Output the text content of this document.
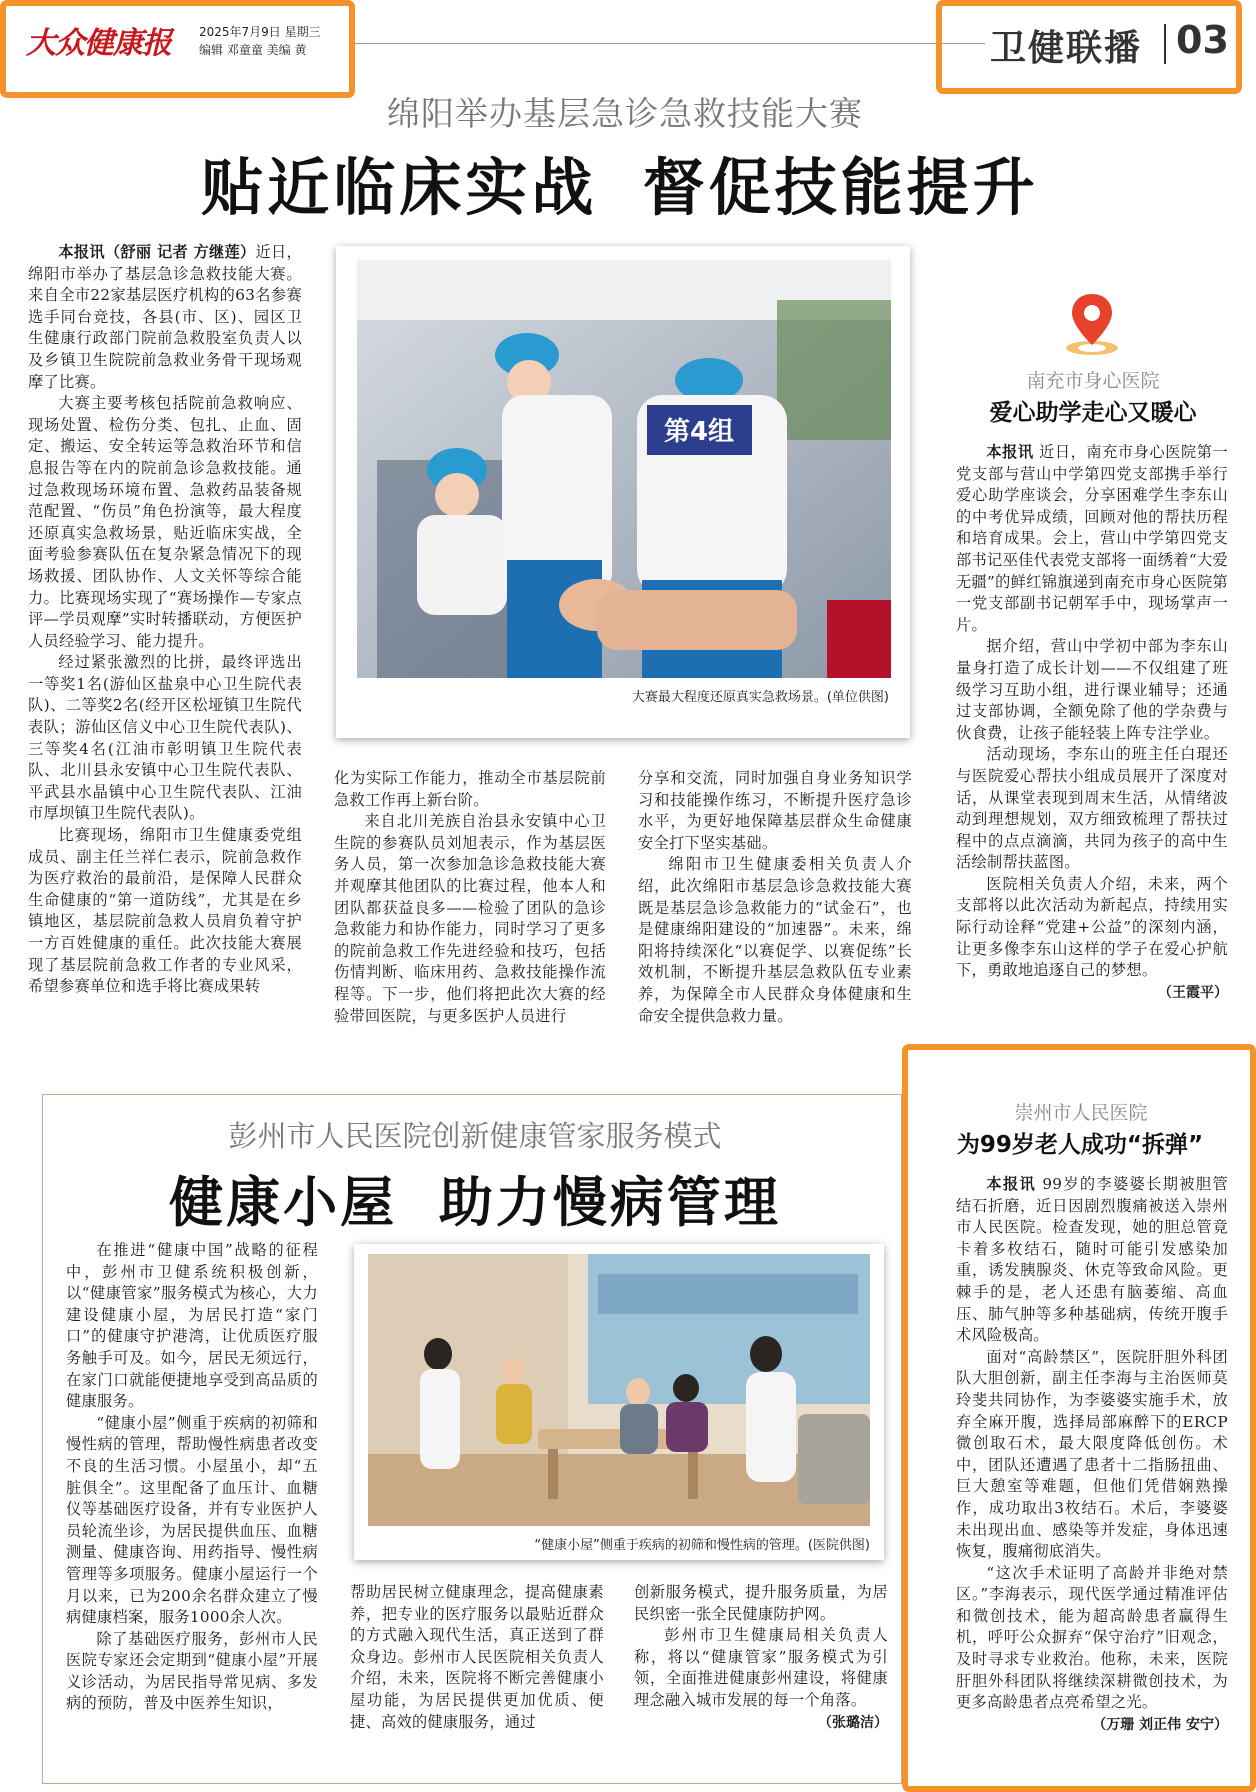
大众健康报	2025年7月9日 星期三
编辑 邓童童 美编 黄	卫健联播 03
绵阳举办基层急诊急救技能大赛
贴近临床实战 督促技能提升

本报讯（舒丽 记者 方继莲）近日，绵阳市举办了基层急诊急救技能大赛。来自全市22家基层医疗机构的63名参赛选手同台竞技，各县(市、区)、园区卫生健康行政部门院前急救股室负责人以及乡镇卫生院院前急救业务骨干现场观摩了比赛。

大赛主要考核包括院前急救响应、现场处置、检伤分类、包扎、止血、固定、搬运、安全转运等急救治环节和信息报告等在内的院前急诊急救技能。通过急救现场环境布置、急救药品装备规范配置、“伤员”角色扮演等，最大程度还原真实急救场景，贴近临床实战，全面考验参赛队伍在复杂紧急情况下的现场救援、团队协作、人文关怀等综合能力。比赛现场实现了“赛场操作—专家点评—学员观摩”实时转播联动，方便医护人员经验学习、能力提升。

经过紧张激烈的比拼，最终评选出一等奖1名(游仙区盐泉中心卫生院代表队)、二等奖2名(经开区松垭镇卫生院代表队；游仙区信义中心卫生院代表队)、三等奖4名(江油市彰明镇卫生院代表队、北川县永安镇中心卫生院代表队、平武县水晶镇中心卫生院代表队、江油市厚坝镇卫生院代表队)。

比赛现场，绵阳市卫生健康委党组成员、副主任兰祥仁表示，院前急救作为医疗救治的最前沿，是保障人民群众生命健康的“第一道防线”，尤其是在乡镇地区，基层院前急救人员肩负着守护一方百姓健康的重任。此次技能大赛展现了基层院前急救工作者的专业风采，希望参赛单位和选手将比赛成果转

第4组
大赛最大程度还原真实急救场景。(单位供图)

化为实际工作能力，推动全市基层院前急救工作再上新台阶。

来自北川羌族自治县永安镇中心卫生院的参赛队员刘旭表示，作为基层医务人员，第一次参加急诊急救技能大赛并观摩其他团队的比赛过程，他本人和团队都获益良多——检验了团队的急诊急救能力和协作能力，同时学习了更多的院前急救工作先进经验和技巧，包括伤情判断、临床用药、急救技能操作流程等。下一步，他们将把此次大赛的经验带回医院，与更多医护人员进行

分享和交流，同时加强自身业务知识学习和技能操作练习，不断提升医疗急诊水平，为更好地保障基层群众生命健康安全打下坚实基础。

绵阳市卫生健康委相关负责人介绍，此次绵阳市基层急诊急救技能大赛既是基层急诊急救能力的“试金石”，也是健康绵阳建设的“加速器”。未来，绵阳将持续深化“以赛促学、以赛促练”长效机制，不断提升基层急救队伍专业素养，为保障全市人民群众身体健康和生命安全提供急救力量。

南充市身心医院
爱心助学走心又暖心

本报讯 近日，南充市身心医院第一党支部与营山中学第四党支部携手举行爱心助学座谈会，分享困难学生李东山的中考优异成绩，回顾对他的帮扶历程和培育成果。会上，营山中学第四党支部书记巫佳代表党支部将一面绣着“大爱无疆”的鲜红锦旗递到南充市身心医院第一党支部副书记朝军手中，现场掌声一片。

据介绍，营山中学初中部为李东山量身打造了成长计划——不仅组建了班级学习互助小组，进行课业辅导；还通过支部协调，全额免除了他的学杂费与伙食费，让孩子能轻装上阵专注学业。

活动现场，李东山的班主任白琨还与医院爱心帮扶小组成员展开了深度对话，从课堂表现到周末生活，从情绪波动到理想规划，双方细致梳理了帮扶过程中的点点滴滴，共同为孩子的高中生活绘制帮扶蓝图。

医院相关负责人介绍，未来，两个支部将以此次活动为新起点，持续用实际行动诠释“党建+公益”的深刻内涵，让更多像李东山这样的学子在爱心护航下，勇敢地追逐自己的梦想。

（王霞平）
彭州市人民医院创新健康管家服务模式
健康小屋 助力慢病管理

在推进“健康中国”战略的征程中，彭州市卫健系统积极创新，以“健康管家”服务模式为核心，大力建设健康小屋，为居民打造“家门口”的健康守护港湾，让优质医疗服务触手可及。如今，居民无须远行，在家门口就能便捷地享受到高品质的健康服务。

“健康小屋”侧重于疾病的初筛和慢性病的管理，帮助慢性病患者改变不良的生活习惯。小屋虽小，却“五脏俱全”。这里配备了血压计、血糖仪等基础医疗设备，并有专业医护人员轮流坐诊，为居民提供血压、血糖测量、健康咨询、用药指导、慢性病管理等多项服务。健康小屋运行一个月以来，已为200余名群众建立了慢病健康档案，服务1000余人次。

除了基础医疗服务，彭州市人民医院专家还会定期到“健康小屋”开展义诊活动，为居民指导常见病、多发病的预防，普及中医养生知识，

“健康小屋”侧重于疾病的初筛和慢性病的管理。(医院供图)

帮助居民树立健康理念，提高健康素养，把专业的医疗服务以最贴近群众的方式融入现代生活，真正送到了群众身边。彭州市人民医院相关负责人介绍，未来，医院将不断完善健康小屋功能，为居民提供更加优质、便捷、高效的健康服务，通过

创新服务模式，提升服务质量，为居民织密一张全民健康防护网。

彭州市卫生健康局相关负责人称，将以“健康管家”服务模式为引领，全面推进健康彭州建设，将健康理念融入城市发展的每一个角落。

（张璐洁）
崇州市人民医院
为99岁老人成功“拆弹”

本报讯 99岁的李婆婆长期被胆管结石折磨，近日因剧烈腹痛被送入崇州市人民医院。检查发现，她的胆总管竟卡着多枚结石，随时可能引发感染加重，诱发胰腺炎、休克等致命风险。更棘手的是，老人还患有脑萎缩、高血压、肺气肿等多种基础病，传统开腹手术风险极高。

面对“高龄禁区”，医院肝胆外科团队大胆创新，副主任李海与主治医师莫玲斐共同协作，为李婆婆实施手术，放弃全麻开腹，选择局部麻醉下的ERCP微创取石术，最大限度降低创伤。术中，团队还遭遇了患者十二指肠扭曲、巨大憩室等难题，但他们凭借娴熟操作，成功取出3枚结石。术后，李婆婆未出现出血、感染等并发症，身体迅速恢复，腹痛彻底消失。

“这次手术证明了高龄并非绝对禁区。”李海表示，现代医学通过精准评估和微创技术，能为超高龄患者赢得生机，呼吁公众摒弃“保守治疗”旧观念，及时寻求专业救治。他称，未来，医院肝胆外科团队将继续深耕微创技术，为更多高龄患者点亮希望之光。

（万珊 刘正伟 安宁）
